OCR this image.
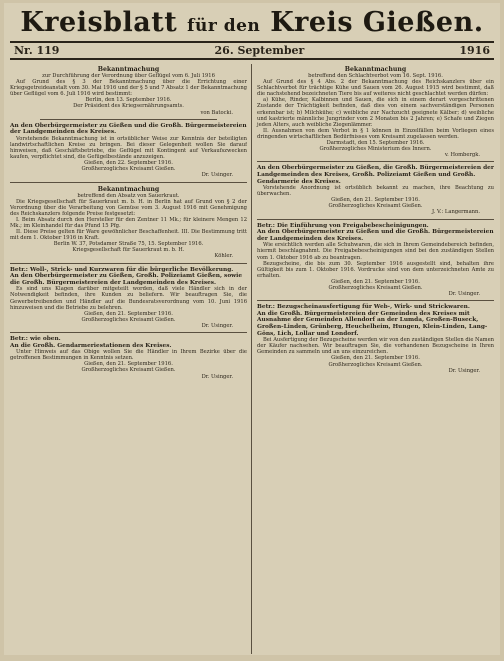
Kreisblatt für den Kreis Gießen.
Nr. 119	26. September	1916
Bekanntmachung
zur Durchführung der Verordnung über Geflügel vom 6. Juli 1916
Auf Grund des § 3 der Bekanntmachung über die Errichtung einer Kriegsgetreideanstalt vom 30. Mai 1916 und der § 5 und 7 Absatz 1 der Bekanntmachung über Geflügel vom 6. Juli 1916 wird bestimmt:
Berlin, den 13. September 1916.
Der Präsident des Kriegsernährungsamts.
von Batocki.
An den Oberbürgermeister zu Gießen und die Großh. Bürgermeistereien der Landgemeinden des Kreises.
Vorstehende Bekanntmachung ist in ortsüblicher Weise zur Kenntnis der beteiligten landwirtschaftlichen Kreise zu bringen. Bei dieser Gelegenheit wollen Sie darauf hinweisen, daß Geschäftsbetriebe, die Geflügel mit Kontingent auf Verkaufszwecken kaufen, verpflichtet sind, die Gefügelbestände anzuzeigen.
Gießen, den 22. September 1916.
Großherzogliches Kreisamt Gießen.
Dr. Usinger.
Bekanntmachung
betreffend den Absatz von Sauerkraut.
Die Kriegsgesellschaft für Sauerkraut m. b. H. in Berlin hat auf Grund von § 2 der Verordnung über die Verarbeitung von Gemüse vom 3. August 1916 mit Genehmigung des Reichskanzlers folgende Preise festgesetzt:
I. Beim Absatz durch den Hersteller für den Zentner 11 Mk.; für kleinere Mengen 12 Mk.; im Kleinhandel für das Pfund 15 Pfg.
II. Diese Preise gelten für Ware gewöhnlicher Beschaffenheit. III. Die Bestimmung tritt mit dem 1. Oktober 1916 in Kraft.
Berlin W. 37, Potsdamer Straße 75, 15. September 1916.
Kriegsgesellschaft für Sauerkraut m. b. H.
Köhler.
Betr.: Woll-, Strick- und Kurzwaren für die bürgerliche Bevölkerung.
An den Oberbürgermeister zu Gießen, Großh. Polizeiamt Gießen, sowie die Großh. Bürgermeistereien der Landgemeinden des Kreises.
Es sind uns Klagen darüber mitgeteilt worden, daß viele Händler sich in der Notwendigkeit befinden, ihre Kunden zu beliefern. Wir beauftragen Sie, die Gewerbetreibenden und Händler auf die Bundesratsverordnung vom 10. Juni 1916 hinzuweisen und die Betriebe zu belehren.
Gießen, den 21. September 1916.
Großherzogliches Kreisamt Gießen.
Dr. Usinger.
Betr.: wie oben.
An die Großh. Gendarmeriestationen des Kreises.
Unter Hinweis auf das Obige wollen Sie die Händler in Ihrem Bezirke über die getroffenen Bestimmungen in Kenntnis setzen.
Gießen, den 21. September 1916.
Großherzogliches Kreisamt Gießen.
Dr. Usinger.
Bekanntmachung
betreffend den Schlachtverbot vom 16. Sept. 1916.
Auf Grund des § 4 Abs. 2 der Bekanntmachung des Reichskanzlers über ein Schlachtverbot für trächtige Kühe und Sauen vom 26. August 1915 wird bestimmt, daß die nachstehend bezeichneten Tiere bis auf weiteres nicht geschlachtet werden dürfen:
a) Kühe, Rinder, Kalbinnen und Sauen, die sich in einem derart vorgeschrittenen Zustande der Trächtigkeit befinden, daß dies von einem sachverständigen Personen erkennbar ist; b) Milchkühe; c) weibliche zur Nachzucht geeignete Kälber; d) weibliche und kastrierte männliche Jungrinder vom 2 Monaten bis 2 Jahren; e) Schafe und Ziegen jeden Alters, auch weibliche Ziegenlämmer.
II. Ausnahmen von dem Verbot in § 1 können in Einzelfällen beim Vorliegen eines dringenden wirtschaftlichen Bedürfnisses vom Kreisamt zugelassen werden.
Darmstadt, den 15. September 1916.
Großherzogliches Ministerium des Innern.
v. Hombergk.
An den Oberbürgermeister zu Gießen, die Großh. Bürgermeistereien der Landgemeinden des Kreises, Großh. Polizeiamt Gießen und Großh. Gendarmerie des Kreises.
Vorstehende Anordnung ist ortsüblich bekannt zu machen, ihre Beachtung zu überwachen.
Gießen, den 21. September 1916.
Großherzogliches Kreisamt Gießen.
J. V.: Langermann.
Betr.: Die Einführung von Freigabebescheinigungen.
An den Oberbürgermeister zu Gießen und die Großh. Bürgermeistereien der Landgemeinden des Kreises.
Wie ersichtlich werden alle Schuhwaren, die sich in Ihrem Gemeindebereich befinden, hiermit beschlagnahmt. Die Freigabebescheinigungen sind bei den zuständigen Stellen vom 1. Oktober 1916 ab zu beantragen.
Bezugscheine, die bis zum 30. September 1916 ausgestellt sind, behalten ihre Gültigkeit bis zum 1. Oktober 1916. Vordrucke sind von dem unterzeichneten Amte zu erhalten.
Gießen, den 21. September 1916.
Großherzogliches Kreisamt Gießen.
Dr. Usinger.
Betr.: Bezugscheinausfertigung für Web-, Wirk- und Strickwaren.
An die Großh. Bürgermeistereien der Gemeinden des Kreises mit Ausnahme der Gemeinden Allendorf an der Lumda, Großen-Buseck, Großen-Linden, Grünberg, Heuchelheim, Hungen, Klein-Linden, Lang-Göns, Lich, Lollar und Londorf.
Bei Ausfertigung der Bezugscheine werden wir von den zuständigen Stellen die Namen der Käufer nachsehen. Wir beauftragen Sie, die vorhandenen Bezugscheine in Ihren Gemeinden zu sammeln und an uns einzureichen.
Gießen, den 21. September 1916.
Großherzogliches Kreisamt Gießen.
Dr. Usinger.
